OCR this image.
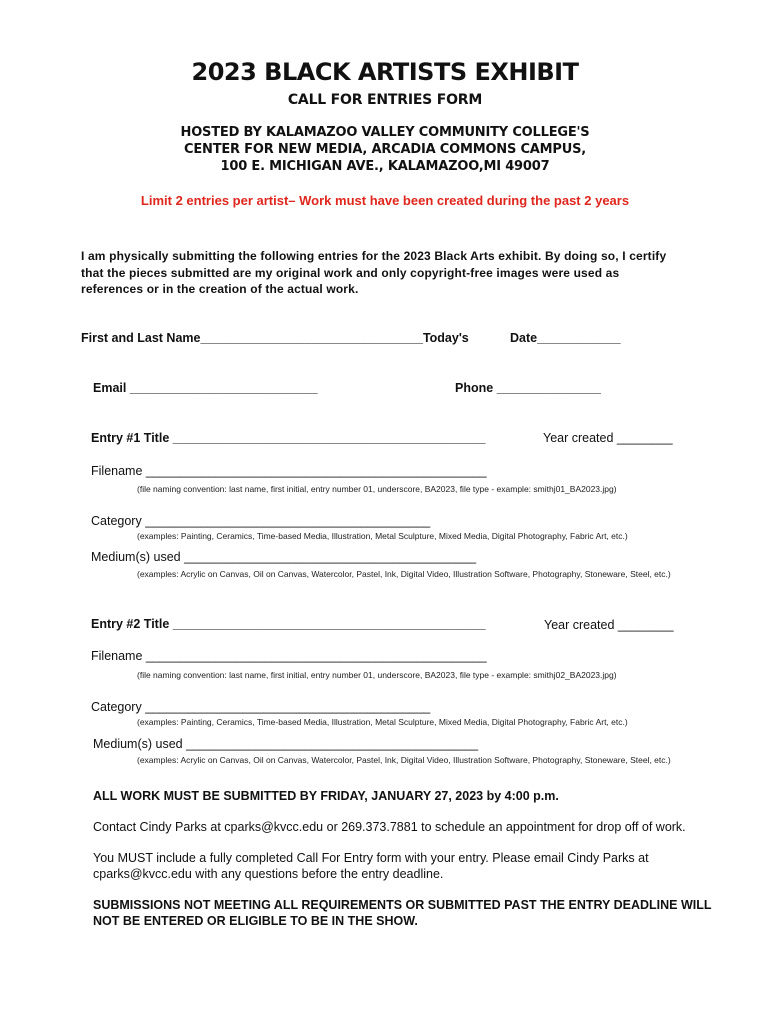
2023 BLACK ARTISTS EXHIBIT
CALL FOR ENTRIES FORM
HOSTED BY KALAMAZOO VALLEY COMMUNITY COLLEGE'S
CENTER FOR NEW MEDIA, ARCADIA COMMONS CAMPUS,
100 E. MICHIGAN AVE., KALAMAZOO,MI 49007
Limit 2 entries per artist– Work must have been created during the past 2 years
I am physically submitting the following entries for the 2023 Black Arts exhibit. By doing so, I certify that the pieces submitted are my original work and only copyright-free images were used as references or in the creation of the actual work.
First and Last Name________________________________Today's	Date____________
Email ___________________________	Phone _______________
Entry #1 Title _____________________________________________	Year created ________
Filename _________________________________________________
(file naming convention: last name, first initial, entry number 01, underscore, BA2023, file type - example: smithj01_BA2023.jpg)
Category _________________________________________
(examples: Painting, Ceramics, Time-based Media, Illustration, Metal Sculpture, Mixed Media, Digital Photography, Fabric Art, etc.)
Medium(s) used __________________________________________
(examples: Acrylic on Canvas, Oil on Canvas, Watercolor, Pastel, Ink, Digital Video, Illustration Software, Photography, Stoneware, Steel, etc.)
Entry #2 Title _____________________________________________	Year created ________
Filename _________________________________________________
(file naming convention: last name, first initial, entry number 01, underscore, BA2023, file type - example: smithj02_BA2023.jpg)
Category _________________________________________
(examples: Painting, Ceramics, Time-based Media, Illustration, Metal Sculpture, Mixed Media, Digital Photography, Fabric Art, etc.)
Medium(s) used __________________________________________
(examples: Acrylic on Canvas, Oil on Canvas, Watercolor, Pastel, Ink, Digital Video, Illustration Software, Photography, Stoneware, Steel, etc.)
ALL WORK MUST BE SUBMITTED BY FRIDAY, JANUARY 27, 2023 by 4:00 p.m.
Contact Cindy Parks at cparks@kvcc.edu or 269.373.7881 to schedule an appointment for drop off of work.
You MUST include a fully completed Call For Entry form with your entry. Please email Cindy Parks at cparks@kvcc.edu with any questions before the entry deadline.
SUBMISSIONS NOT MEETING ALL REQUIREMENTS OR SUBMITTED PAST THE ENTRY DEADLINE WILL NOT BE ENTERED OR ELIGIBLE TO BE IN THE SHOW.
